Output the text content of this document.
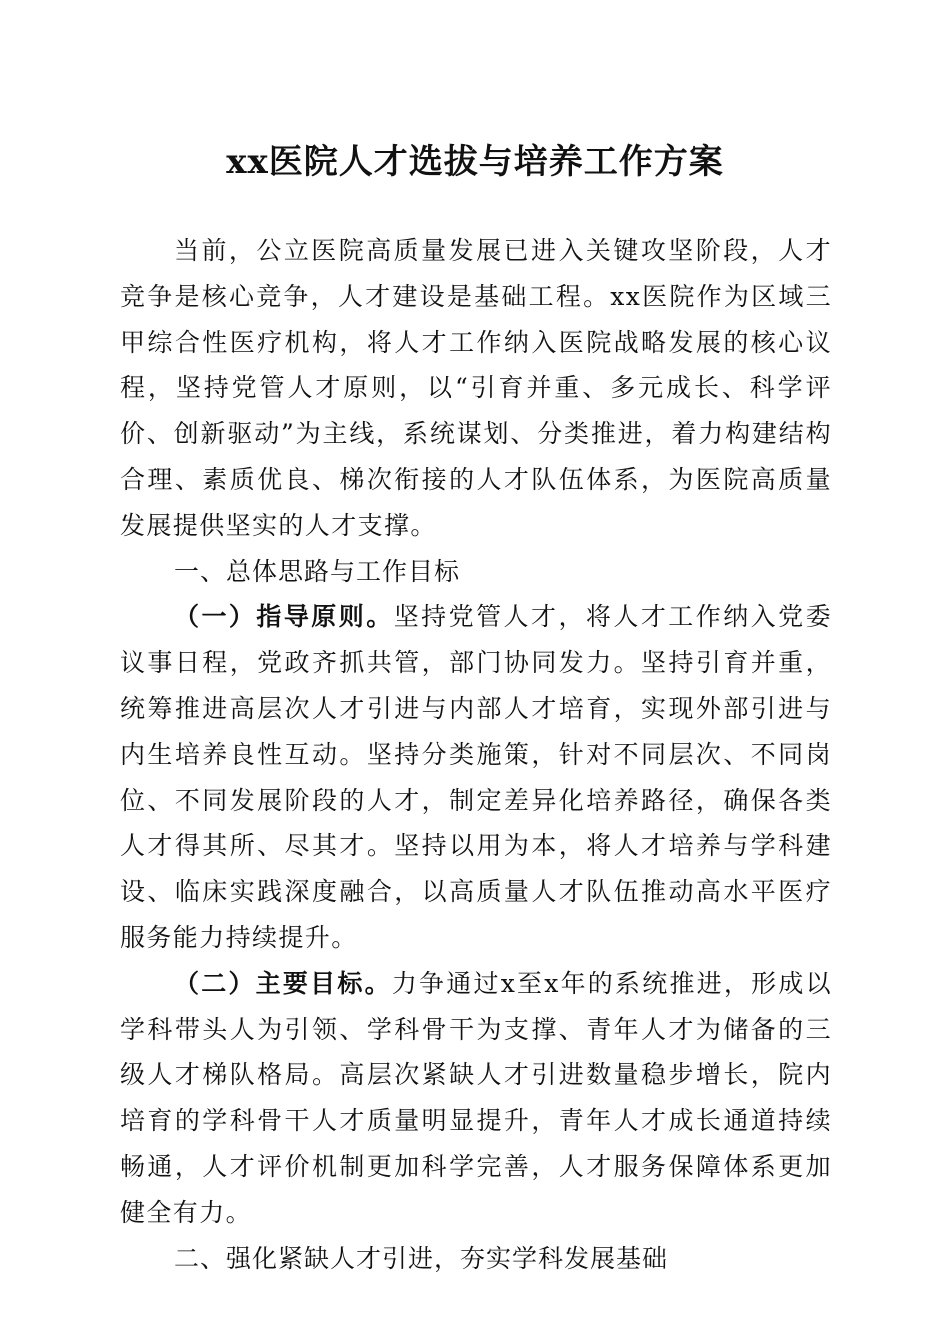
xx医院人才选拔与培养工作方案

当前，公立医院高质量发展已进入关键攻坚阶段，人才竞争是核心竞争，人才建设是基础工程。xx医院作为区域三甲综合性医疗机构，将人才工作纳入医院战略发展的核心议程，坚持党管人才原则，以“引育并重、多元成长、科学评价、创新驱动”为主线，系统谋划、分类推进，着力构建结构合理、素质优良、梯次衔接的人才队伍体系，为医院高质量发展提供坚实的人才支撑。

一、总体思路与工作目标

（一）指导原则。坚持党管人才，将人才工作纳入党委议事日程，党政齐抓共管，部门协同发力。坚持引育并重，统筹推进高层次人才引进与内部人才培育，实现外部引进与内生培养良性互动。坚持分类施策，针对不同层次、不同岗位、不同发展阶段的人才，制定差异化培养路径，确保各类人才得其所、尽其才。坚持以用为本，将人才培养与学科建设、临床实践深度融合，以高质量人才队伍推动高水平医疗服务能力持续提升。

（二）主要目标。力争通过x至x年的系统推进，形成以学科带头人为引领、学科骨干为支撑、青年人才为储备的三级人才梯队格局。高层次紧缺人才引进数量稳步增长，院内培育的学科骨干人才质量明显提升，青年人才成长通道持续畅通，人才评价机制更加科学完善，人才服务保障体系更加健全有力。

二、强化紧缺人才引进，夯实学科发展基础
